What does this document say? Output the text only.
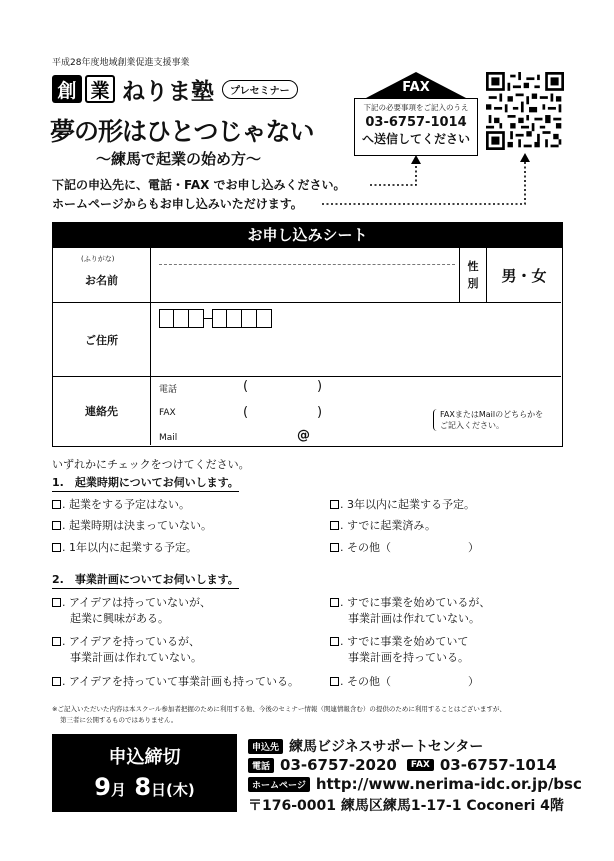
平成28年度地域創業促進支援事業
創 業 ねりま塾	プレセミナー
夢の形はひとつじゃない
〜練馬で起業の始め方〜
下記の申込先に、電話・FAX でお申し込みください。
ホームページからもお申し込みいただけます。
FAX
下記の必要事項をご記入のうえ
03-6757-1014
へ送信してください
お申し込みシート
(ふりがな)
お名前
性
別	男・女
ご住所
連絡先
電話	(	)
FAX	(	)
Mail	@
FAXまたはMailのどちらかを
ご記入ください。
いずれかにチェックをつけてください。
1.　起業時期についてお伺いします。
. 起業をする予定はない。
. 起業時期は決まっていない。
. 1年以内に起業する予定。
. 3年以内に起業する予定。
. すでに起業済み。
. その他（　　　　　　　）
2.　事業計画についてお伺いします。
. アイデアは持っていないが、
起業に興味がある。
. アイデアを持っているが、
事業計画は作れていない。
. アイデアを持っていて事業計画も持っている。
. すでに事業を始めているが、
事業計画は作れていない。
. すでに事業を始めていて
事業計画を持っている。
. その他（　　　　　　　）
※ご記入いただいた内容は本スクール参加者把握のために利用する他、今後のセミナー情報（関連情報含む）の提供のために利用することはございますが、
第三者に公開するものではありません。
申込締切
9月 8日(木)
申込先 練馬ビジネスサポートセンター
電話 03-6757-2020	FAX 03-6757-1014
ホームページ http://www.nerima-idc.or.jp/bsc
〒176-0001 練馬区練馬1-17-1 Coconeri 4階
